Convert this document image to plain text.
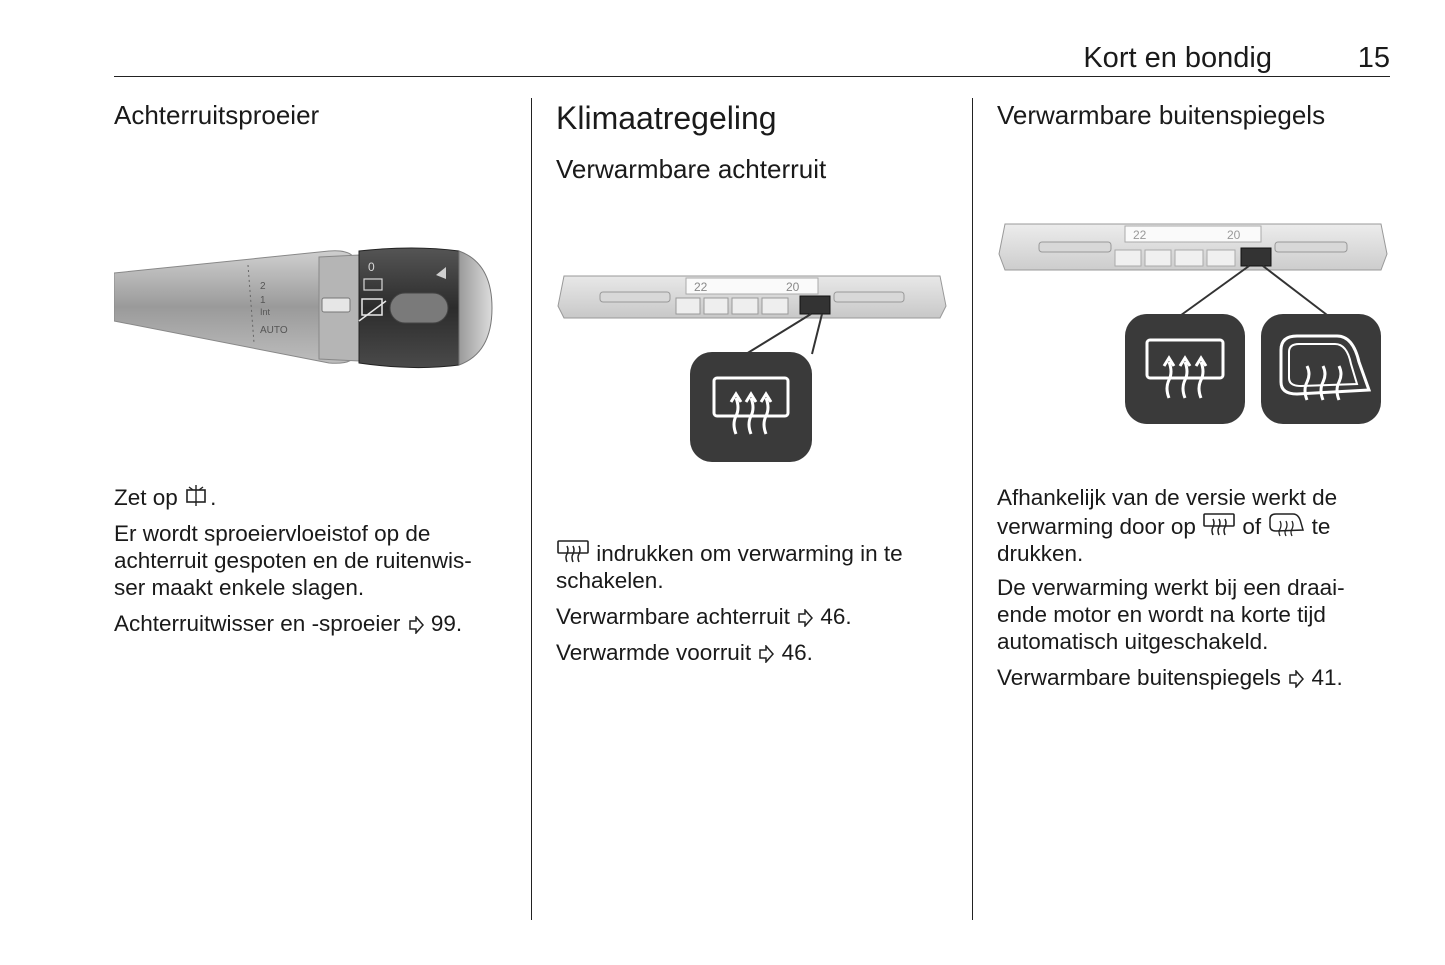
Kort en bondig	15
Achterruitsproeier
0
2
1
Int
AUTO

Zet op .

Er wordt sproeiervloeistof op de
achterruit gespoten en de ruitenwis-
ser maakt enkele slagen.

Achterruitwisser en -sproeier 99.

Klimaatregeling
Verwarmbare achterruit
22	20

indrukken om verwarming in te
schakelen.

Verwarmbare achterruit 46.

Verwarmde voorruit 46.

Verwarmbare buitenspiegels
22	20

Afhankelijk van de versie werkt de
verwarming door op of te
drukken.

De verwarming werkt bij een draai-
ende motor en wordt na korte tijd
automatisch uitgeschakeld.

Verwarmbare buitenspiegels 41.
